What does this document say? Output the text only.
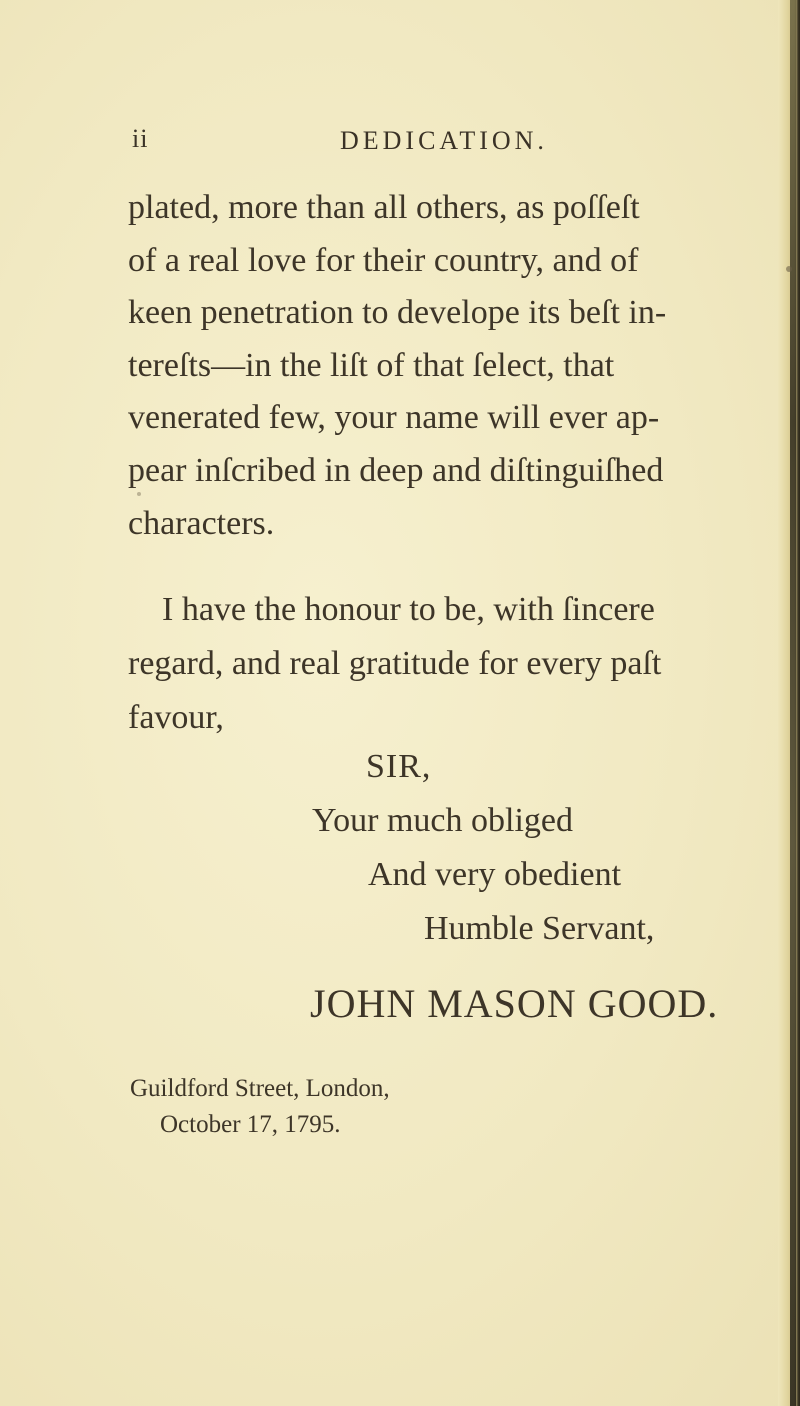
ii	DEDICATION.
plated, more than all others, as poſſeſt
of a real love for their country, and of
keen penetration to develope its beſt in-
tereſts—in the liſt of that ſelect, that
venerated few, your name will ever ap-
pear inſcribed in deep and diſtinguiſhed
characters.
I have the honour to be, with ſincere
regard, and real gratitude for every paſt
favour,
SIR,
Your much obliged
And very obedient
Humble Servant,
JOHN MASON GOOD.
Guildford Street, London,
October 17, 1795.
